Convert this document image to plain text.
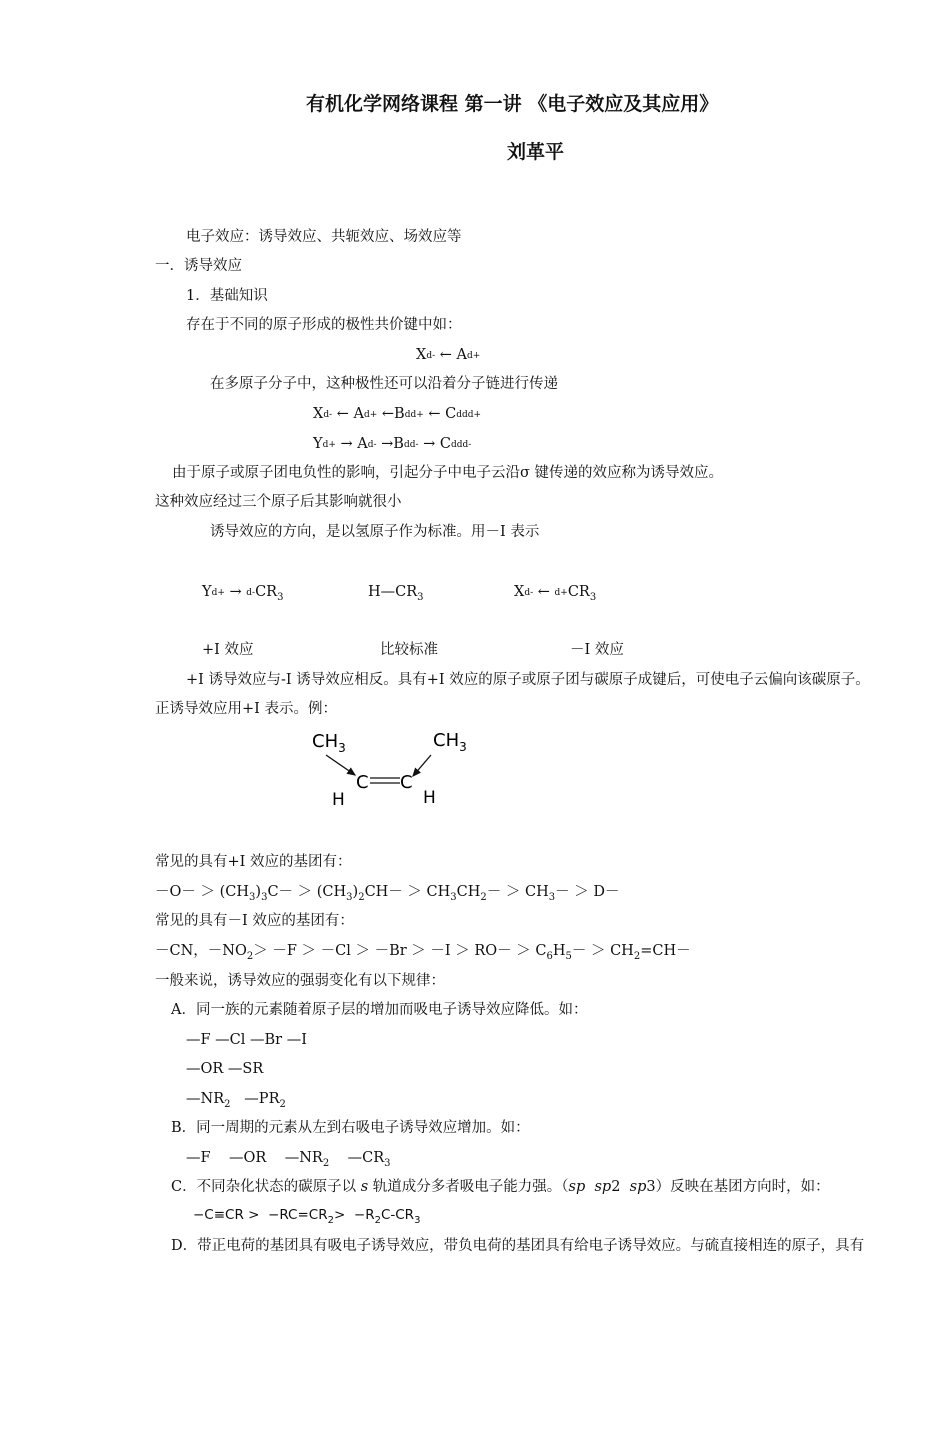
有机化学网络课程 第一讲 《电子效应及其应用》
刘革平
电子效应：诱导效应、共轭效应、场效应等
一．诱导效应
1．基础知识
存在于不同的原子形成的极性共价键中如：
Xd- ← Ad+
在多原子分子中，这种极性还可以沿着分子链进行传递
Xd- ← Ad+ ←Bdd+ ← Cddd+
Yd+ → Ad- →Bdd- → Cddd-
由于原子或原子团电负性的影响，引起分子中电子云沿σ 键传递的效应称为诱导效应。
这种效应经过三个原子后其影响就很小
诱导效应的方向，是以氢原子作为标准。用－I 表示
$Yd+ \to d-CR_3$	$H—CR_3$	Xd- ← $d+CR_3$
+I 效应	比较标准	－I 效应
+I 诱导效应与-I 诱导效应相反。具有+I 效应的原子或原子团与碳原子成键后，可使电子云偏向该碳原子。
正诱导效应用+I 表示。例：
$CH_3$	$CH_3$
C C
H	H
常见的具有+I 效应的基团有：
$-O- > (CH_3)_3C- > (CH_3)_2CH- > CH_3CH_2- > CH_3- > D-$
常见的具有－I 效应的基团有：
－CN，$-NO_2> -F > -Cl > -Br > -I > RO- > C_6H_5- > CH_2=CH-$
一般来说，诱导效应的强弱变化有以下规律：
A．同一族的元素随着原子层的增加而吸电子诱导效应降低。如：
—F —Cl —Br —I
—OR —SR
$—NR_2$   $—PR_2$
B．同一周期的元素从左到右吸电子诱导效应增加。如：
—F    —OR    $—NR_2$    $—CR_3$
C．不同杂化状态的碳原子以 s 轨道成分多者吸电子能力强。（sp sp2  sp3）反映在基团方向时，如：
$-C\equiv CR > -RC=CR_2> -R_2C-CR_3$
D．带正电荷的基团具有吸电子诱导效应，带负电荷的基团具有给电子诱导效应。与硫直接相连的原子，具有
